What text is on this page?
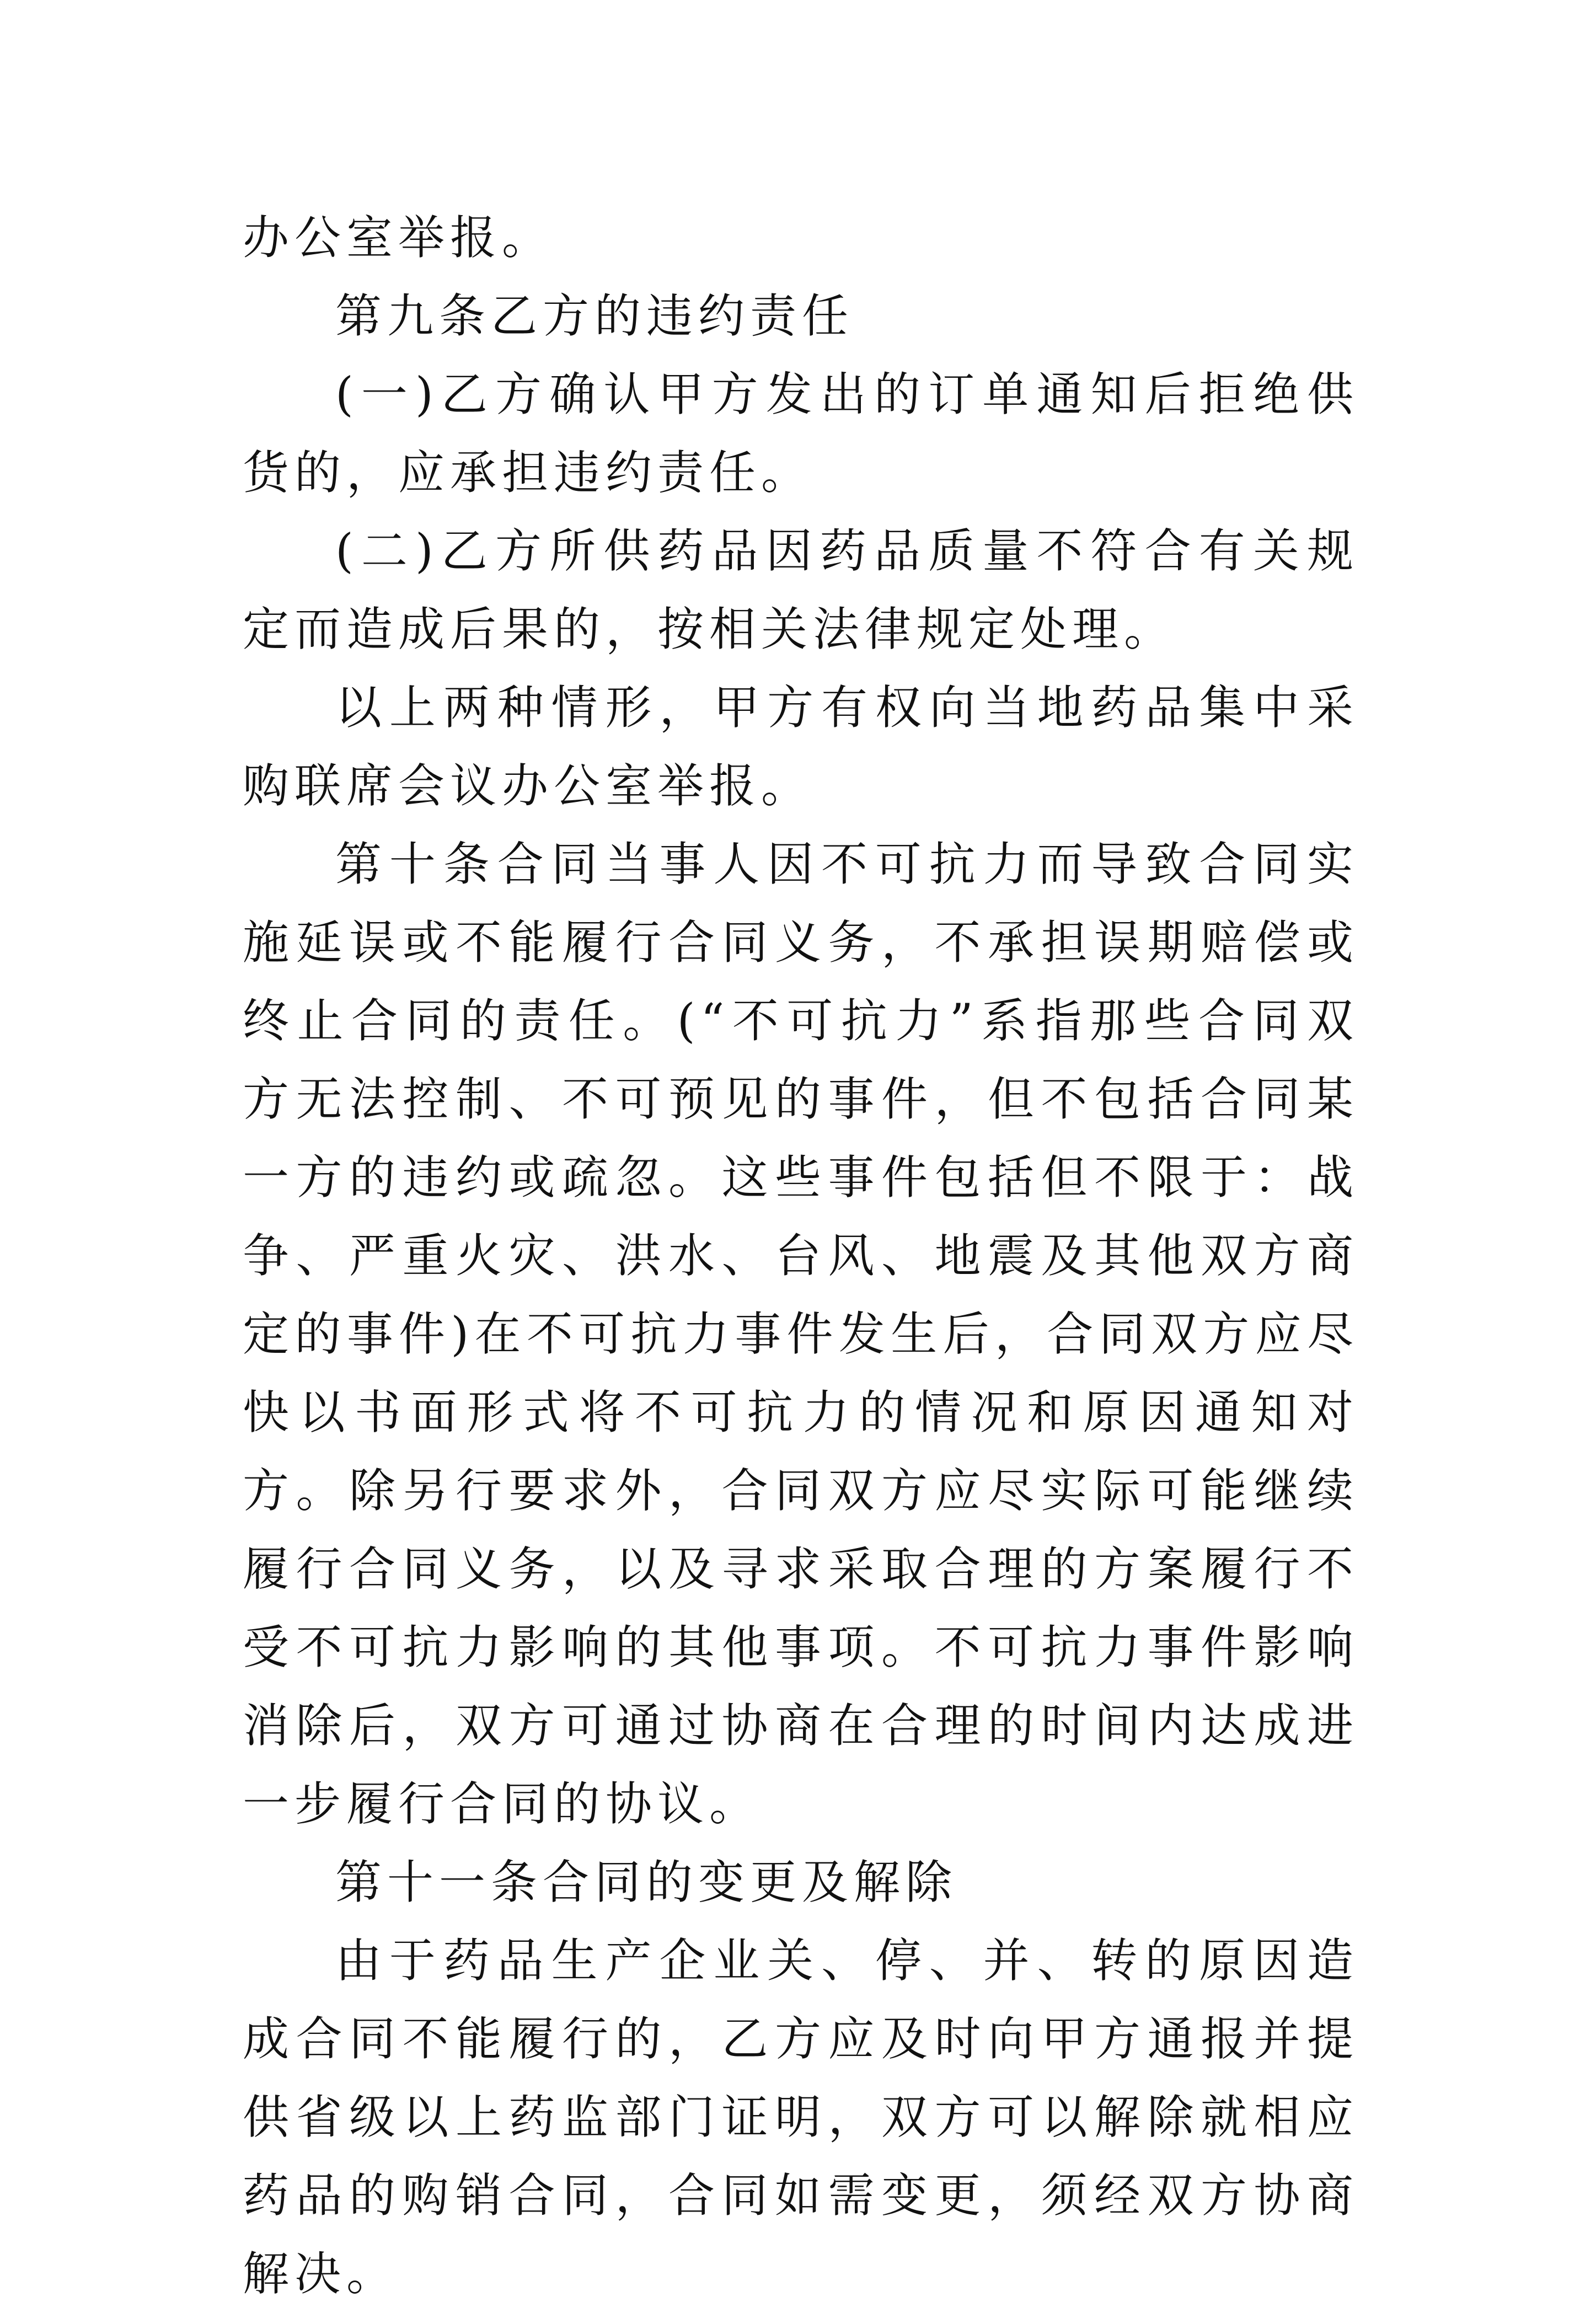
办公室举报。

第九条乙方的违约责任

(一)乙方确认甲方发出的订单通知后拒绝供货的，应承担违约责任。

(二)乙方所供药品因药品质量不符合有关规定而造成后果的，按相关法律规定处理。

以上两种情形，甲方有权向当地药品集中采购联席会议办公室举报。

第十条合同当事人因不可抗力而导致合同实施延误或不能履行合同义务，不承担误期赔偿或终止合同的责任。(“不可抗力”系指那些合同双方无法控制、不可预见的事件，但不包括合同某一方的违约或疏忽。这些事件包括但不限于：战争、严重火灾、洪水、台风、地震及其他双方商定的事件)在不可抗力事件发生后，合同双方应尽快以书面形式将不可抗力的情况和原因通知对方。除另行要求外，合同双方应尽实际可能继续履行合同义务，以及寻求采取合理的方案履行不受不可抗力影响的其他事项。不可抗力事件影响消除后，双方可通过协商在合理的时间内达成进一步履行合同的协议。

第十一条合同的变更及解除

由于药品生产企业关、停、并、转的原因造成合同不能履行的，乙方应及时向甲方通报并提供省级以上药监部门证明，双方可以解除就相应药品的购销合同，合同如需变更，须经双方协商解决。
